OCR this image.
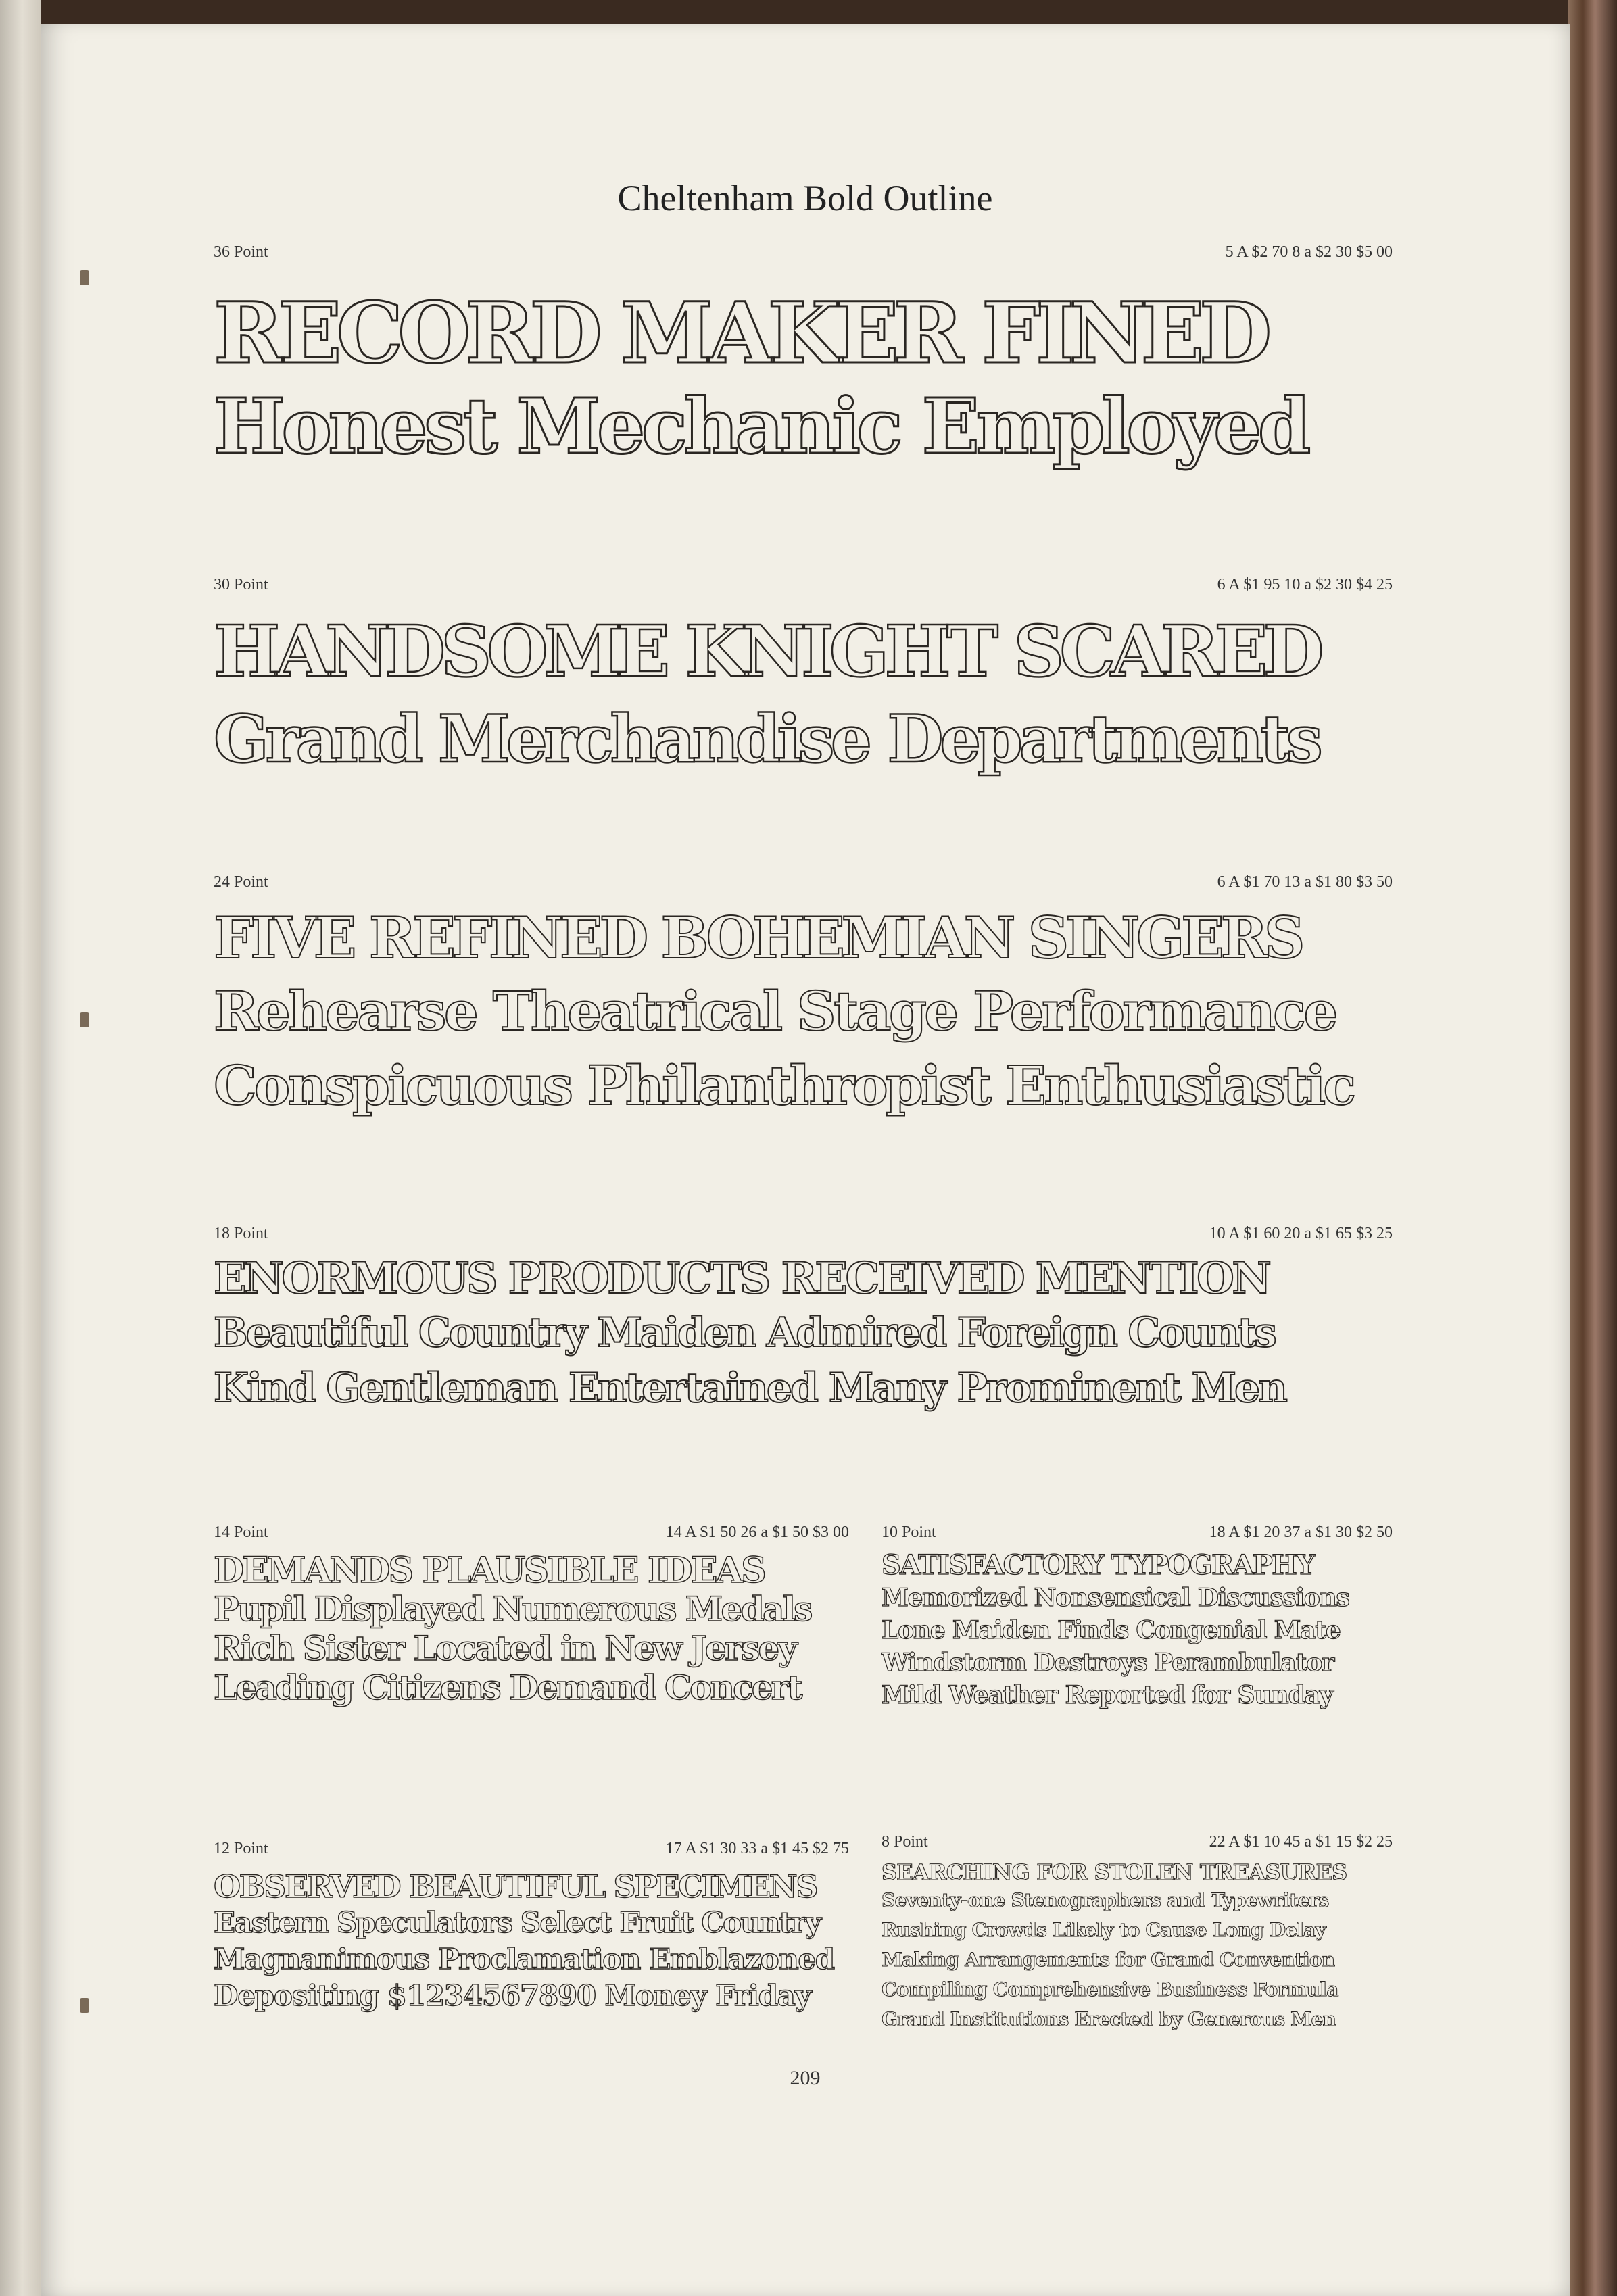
Cheltenham Bold Outline
36 Point	5 A $2 70 8 a $2 30 $5 00
RECORD MAKER FINED
Honest Mechanic Employed
30 Point	6 A $1 95 10 a $2 30 $4 25
HANDSOME KNIGHT SCARED
Grand Merchandise Departments
24 Point	6 A $1 70 13 a $1 80 $3 50
FIVE REFINED BOHEMIAN SINGERS
Rehearse Theatrical Stage Performance
Conspicuous Philanthropist Enthusiastic
18 Point	10 A $1 60 20 a $1 65 $3 25
ENORMOUS PRODUCTS RECEIVED MENTION
Beautiful Country Maiden Admired Foreign Counts
Kind Gentleman Entertained Many Prominent Men
14 Point	14 A $1 50 26 a $1 50 $3 00
DEMANDS PLAUSIBLE IDEAS
Pupil Displayed Numerous Medals
Rich Sister Located in New Jersey
Leading Citizens Demand Concert
10 Point	18 A $1 20 37 a $1 30 $2 50
SATISFACTORY TYPOGRAPHY
Memorized Nonsensical Discussions
Lone Maiden Finds Congenial Mate
Windstorm Destroys Perambulator
Mild Weather Reported for Sunday
12 Point	17 A $1 30 33 a $1 45 $2 75
OBSERVED BEAUTIFUL SPECIMENS
Eastern Speculators Select Fruit Country
Magnanimous Proclamation Emblazoned
Depositing $1234567890 Money Friday
8 Point	22 A $1 10 45 a $1 15 $2 25
SEARCHING FOR STOLEN TREASURES
Seventy-one Stenographers and Typewriters
Rushing Crowds Likely to Cause Long Delay
Making Arrangements for Grand Convention
Compiling Comprehensive Business Formula
Grand Institutions Erected by Generous Men
209
